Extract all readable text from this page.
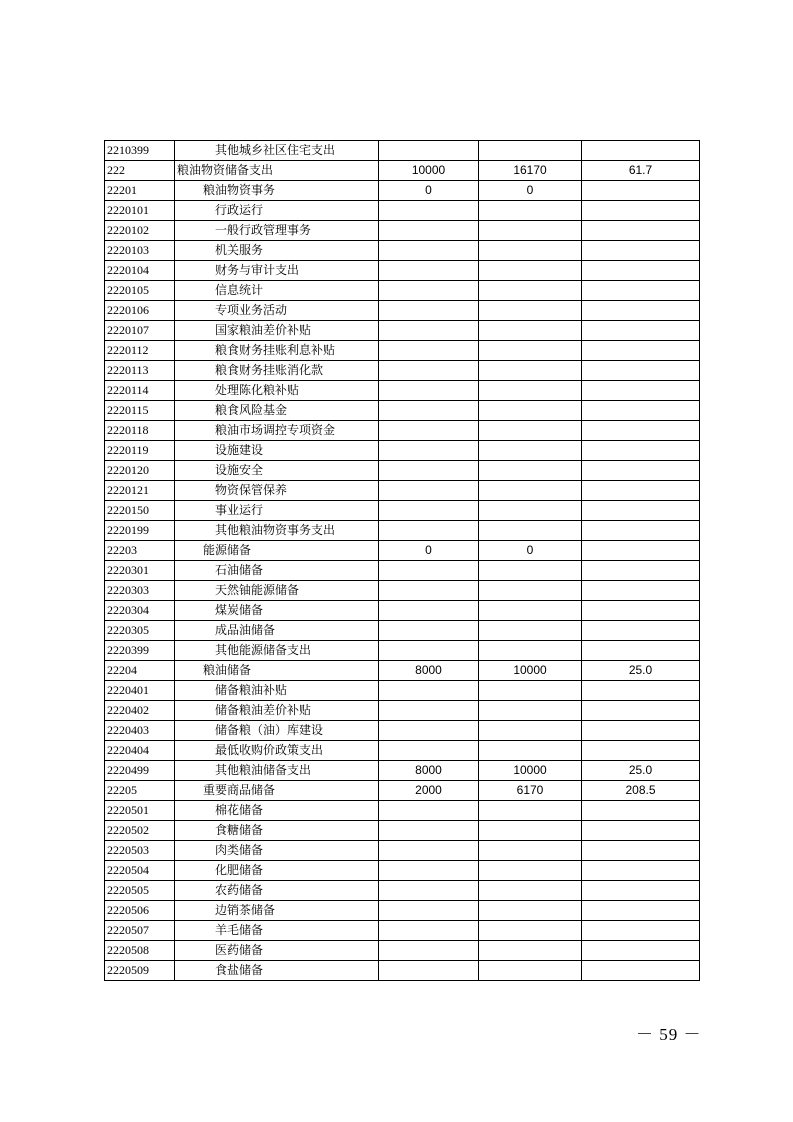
2210399	其他城乡社区住宅支出			
222	粮油物资储备支出	10000	16170	61.7
22201	粮油物资事务	0	0	
2220101	行政运行			
2220102	一般行政管理事务			
2220103	机关服务			
2220104	财务与审计支出			
2220105	信息统计			
2220106	专项业务活动			
2220107	国家粮油差价补贴			
2220112	粮食财务挂账利息补贴			
2220113	粮食财务挂账消化款			
2220114	处理陈化粮补贴			
2220115	粮食风险基金			
2220118	粮油市场调控专项资金			
2220119	设施建设			
2220120	设施安全			
2220121	物资保管保养			
2220150	事业运行			
2220199	其他粮油物资事务支出			
22203	能源储备	0	0	
2220301	石油储备			
2220303	天然铀能源储备			
2220304	煤炭储备			
2220305	成品油储备			
2220399	其他能源储备支出			
22204	粮油储备	8000	10000	25.0
2220401	储备粮油补贴			
2220402	储备粮油差价补贴			
2220403	储备粮（油）库建设			
2220404	最低收购价政策支出			
2220499	其他粮油储备支出	8000	10000	25.0
22205	重要商品储备	2000	6170	208.5
2220501	棉花储备			
2220502	食糖储备			
2220503	肉类储备			
2220504	化肥储备			
2220505	农药储备			
2220506	边销茶储备			
2220507	羊毛储备			
2220508	医药储备			
2220509	食盐储备			
－ 59 －
